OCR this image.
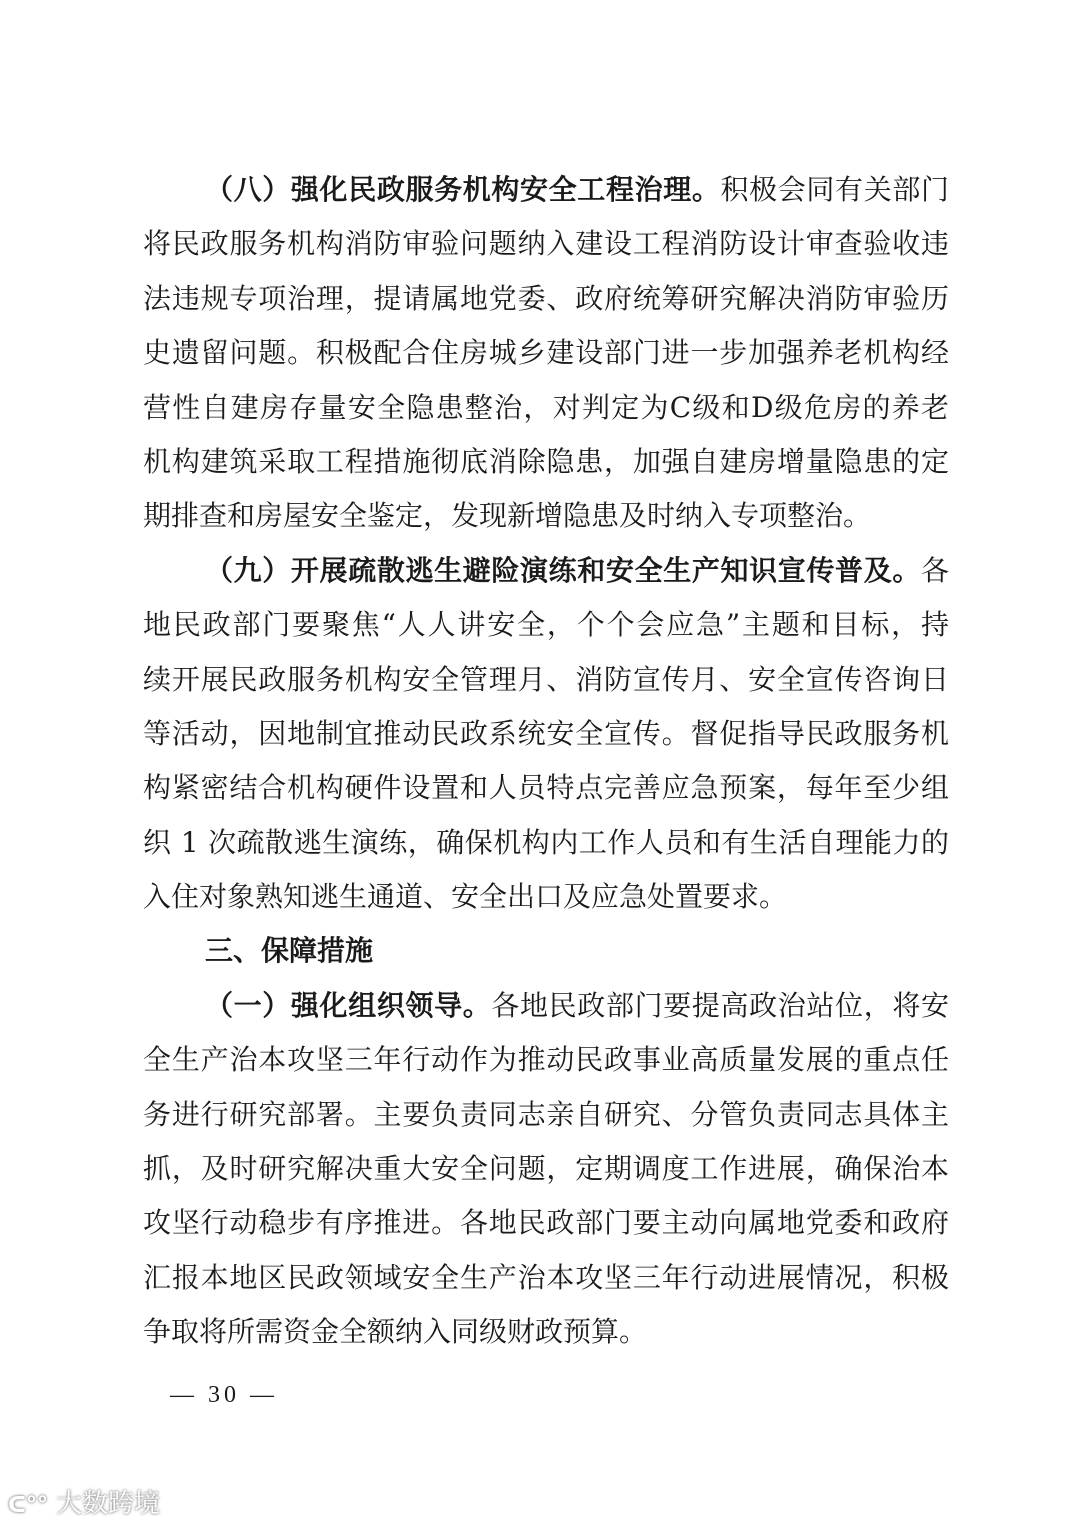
（八）强化民政服务机构安全工程治理。积极会同有关部门
将民政服务机构消防审验问题纳入建设工程消防设计审查验收违
法违规专项治理，提请属地党委、政府统筹研究解决消防审验历
史遗留问题。积极配合住房城乡建设部门进一步加强养老机构经
营性自建房存量安全隐患整治，对判定为C级和D级危房的养老
机构建筑采取工程措施彻底消除隐患，加强自建房增量隐患的定
期排查和房屋安全鉴定，发现新增隐患及时纳入专项整治。
（九）开展疏散逃生避险演练和安全生产知识宣传普及。各
地民政部门要聚焦“人人讲安全，个个会应急”主题和目标，持
续开展民政服务机构安全管理月、消防宣传月、安全宣传咨询日
等活动，因地制宜推动民政系统安全宣传。督促指导民政服务机
构紧密结合机构硬件设置和人员特点完善应急预案，每年至少组
织 1 次疏散逃生演练，确保机构内工作人员和有生活自理能力的
入住对象熟知逃生通道、安全出口及应急处置要求。
三、保障措施
（一）强化组织领导。各地民政部门要提高政治站位，将安
全生产治本攻坚三年行动作为推动民政事业高质量发展的重点任
务进行研究部署。主要负责同志亲自研究、分管负责同志具体主
抓，及时研究解决重大安全问题，定期调度工作进展，确保治本
攻坚行动稳步有序推进。各地民政部门要主动向属地党委和政府
汇报本地区民政领域安全生产治本攻坚三年行动进展情况，积极
争取将所需资金全额纳入同级财政预算。
— 30 —
ᑕ°° 大数跨境
